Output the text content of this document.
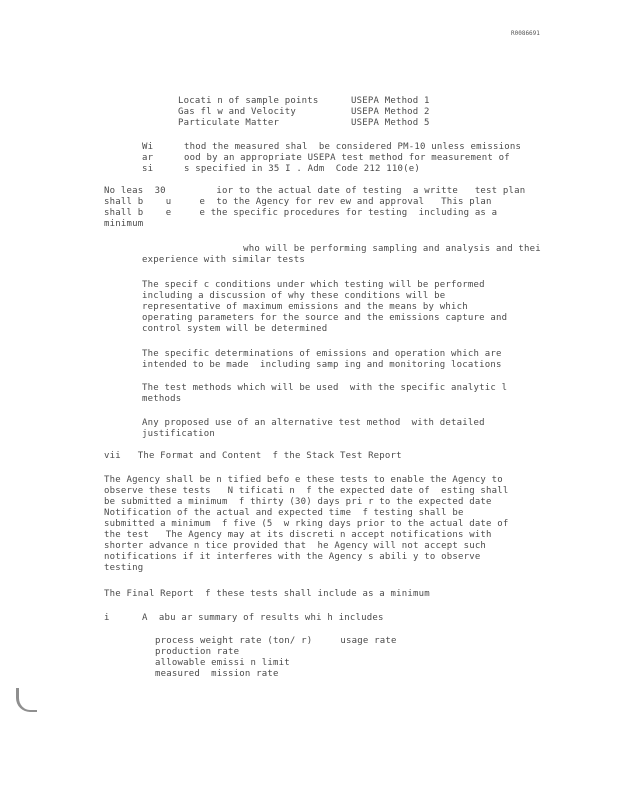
R0086691
Locati n of sample points	USEPA Method 1
Gas fl w and Velocity	USEPA Method 2
Particulate Matter	USEPA Method 5
Wi	thod the measured shal  be considered PM-10 unless emissions
ar	ood by an appropriate USEPA test method for measurement of
si	s specified in 35 I . Adm  Code 212 110(e)
No leas  30         ior to the actual date of testing  a writte   test plan
shall b    u     e  to the Agency for rev ew and approval   This plan
shall b    e     e the specific procedures for testing  including as a
minimum
who will be performing sampling and analysis and thei
experience with similar tests
The specif c conditions under which testing will be performed
including a discussion of why these conditions will be
representative of maximum emissions and the means by which
operating parameters for the source and the emissions capture and
control system will be determined
The specific determinations of emissions and operation which are
intended to be made  including samp ing and monitoring locations
The test methods which will be used  with the specific analytic l
methods
Any proposed use of an alternative test method  with detailed
justification
vii   The Format and Content  f the Stack Test Report
The Agency shall be n tified befo e these tests to enable the Agency to
observe these tests   N tificati n  f the expected date of  esting shall
be submitted a minimum  f thirty (30) days pri r to the expected date
Notification of the actual and expected time  f testing shall be
submitted a minimum  f five (5  w rking days prior to the actual date of
the test   The Agency may at its discreti n accept notifications with
shorter advance n tice provided that  he Agency will not accept such
notifications if it interferes with the Agency s abili y to observe
testing
The Final Report  f these tests shall include as a minimum
i	A  abu ar summary of results whi h includes
process weight rate (ton/ r)     usage rate
production rate
allowable emissi n limit
measured  mission rate
